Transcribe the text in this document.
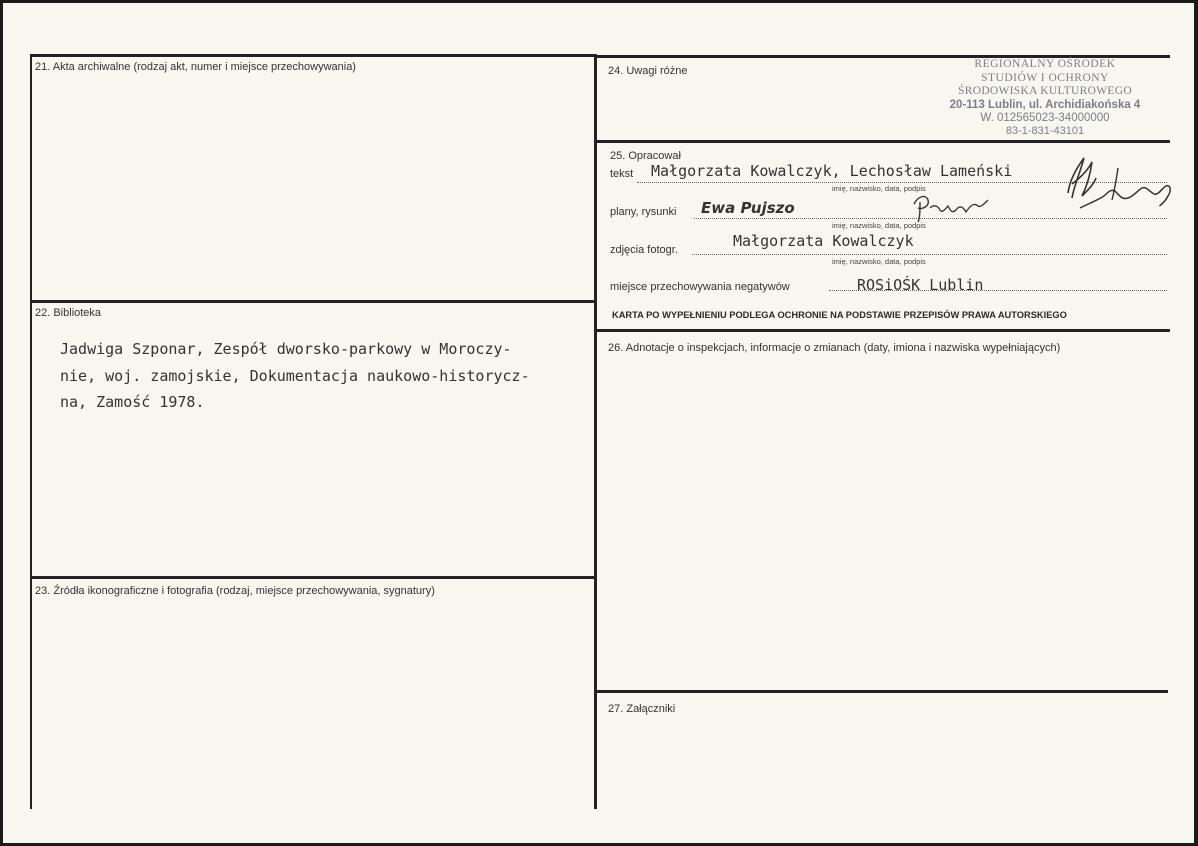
21. Akta archiwalne (rodzaj akt, numer i miejsce przechowywania)
22. Biblioteka
Jadwiga Szponar, Zespół dworsko-parkowy w Moroczy-
nie, woj. zamojskie, Dokumentacja naukowo-historycz-
na, Zamość 1978.
23. Źródła ikonograficzne i fotografia (rodzaj, miejsce przechowywania, sygnatury)
24. Uwagi różne
REGIONALNY OŚRODEK
STUDIÓW I OCHRONY
ŚRODOWISKA KULTUROWEGO
20-113 Lublin, ul. Archidiakońska 4
W. 012565023-34000000
83-1-831-43101
25. Opracował
tekst Małgorzata Kowalczyk, Lechosław Lameński
imię, nazwisko, data, podpis
plany, rysunki Ewa Pujszo
imię, nazwisko, data, podpis
zdjęcia fotogr.	Małgorzata Kowalczyk
imię, nazwisko, data, podpis
miejsce przechowywania negatywów	ROSiOŚK Lublin
KARTA PO WYPEŁNIENIU PODLEGA OCHRONIE NA PODSTAWIE PRZEPISÓW PRAWA AUTORSKIEGO
26. Adnotacje o inspekcjach, informacje o zmianach (daty, imiona i nazwiska wypełniających)
27. Załączniki
